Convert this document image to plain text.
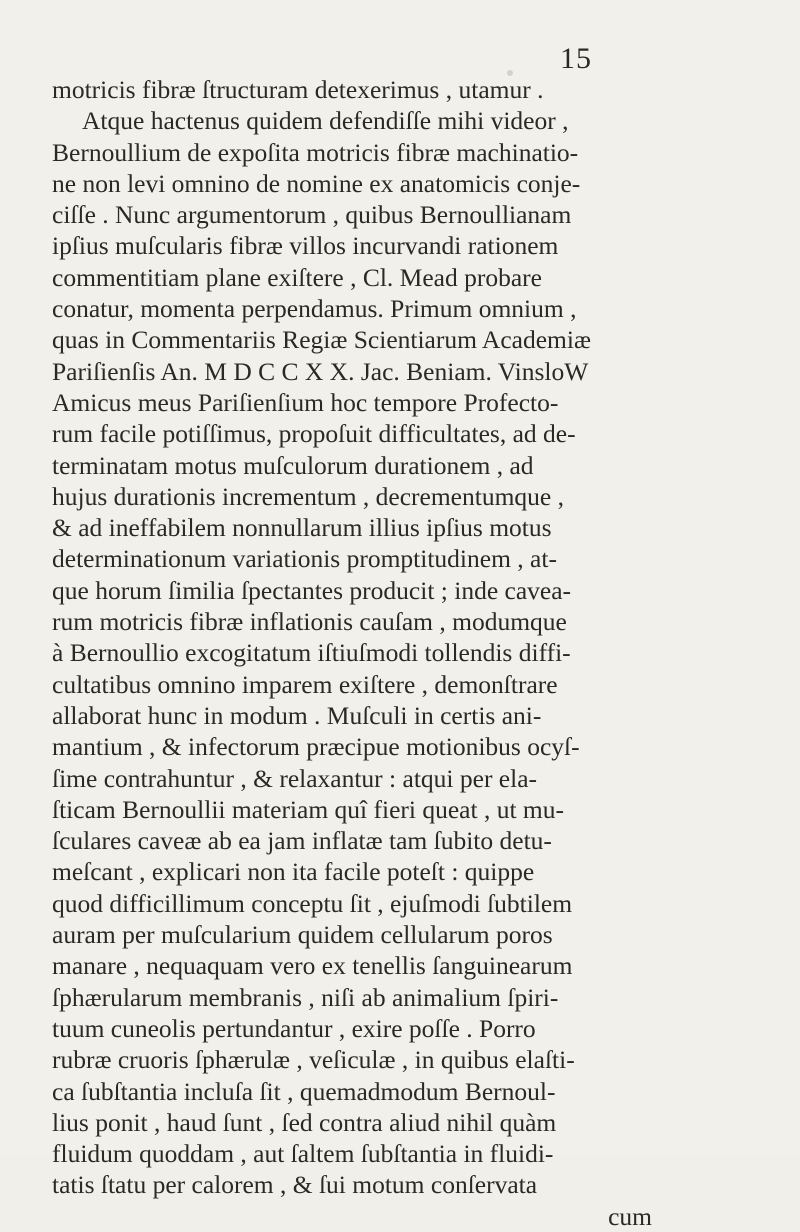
15
motricis fibræ ſtructuram detexerimus , utamur .
Atque hactenus quidem defendiſſe mihi videor ,
Bernoullium de expoſita motricis fibræ machinatio-
ne non levi omnino de nomine ex anatomicis conje-
ciſſe . Nunc argumentorum , quibus Bernoullianam
ipſius muſcularis fibræ villos incurvandi rationem
commentitiam plane exiſtere , Cl. Mead probare
conatur, momenta perpendamus. Primum omnium ,
quas in Commentariis Regiæ Scientiarum Academiæ
Pariſienſis An. M D C C X X. Jac. Beniam. VinsloW
Amicus meus Pariſienſium hoc tempore Profecto-
rum facile potiſſimus, propoſuit difficultates, ad de-
terminatam motus muſculorum durationem , ad
hujus durationis incrementum , decrementumque ,
& ad ineffabilem nonnullarum illius ipſius motus
determinationum variationis promptitudinem , at-
que horum ſimilia ſpectantes producit ; inde cavea-
rum motricis fibræ inflationis cauſam , modumque
à Bernoullio excogitatum iſtiuſmodi tollendis diffi-
cultatibus omnino imparem exiſtere , demonſtrare
allaborat hunc in modum . Muſculi in certis ani-
mantium , & infectorum præcipue motionibus ocyſ-
ſime contrahuntur , & relaxantur : atqui per ela-
ſticam Bernoullii materiam quî fieri queat , ut mu-
ſculares caveæ ab ea jam inflatæ tam ſubito detu-
meſcant , explicari non ita facile poteſt : quippe
quod difficillimum conceptu ſit , ejuſmodi ſubtilem
auram per muſcularium quidem cellularum poros
manare , nequaquam vero ex tenellis ſanguinearum
ſphærularum membranis , niſi ab animalium ſpiri-
tuum cuneolis pertundantur , exire poſſe . Porro
rubræ cruoris ſphærulæ , veſiculæ , in quibus elaſti-
ca ſubſtantia incluſa ſit , quemadmodum Bernoul-
lius ponit , haud ſunt , ſed contra aliud nihil quàm
fluidum quoddam , aut ſaltem ſubſtantia in fluidi-
tatis ſtatu per calorem , & ſui motum conſervata
cum
